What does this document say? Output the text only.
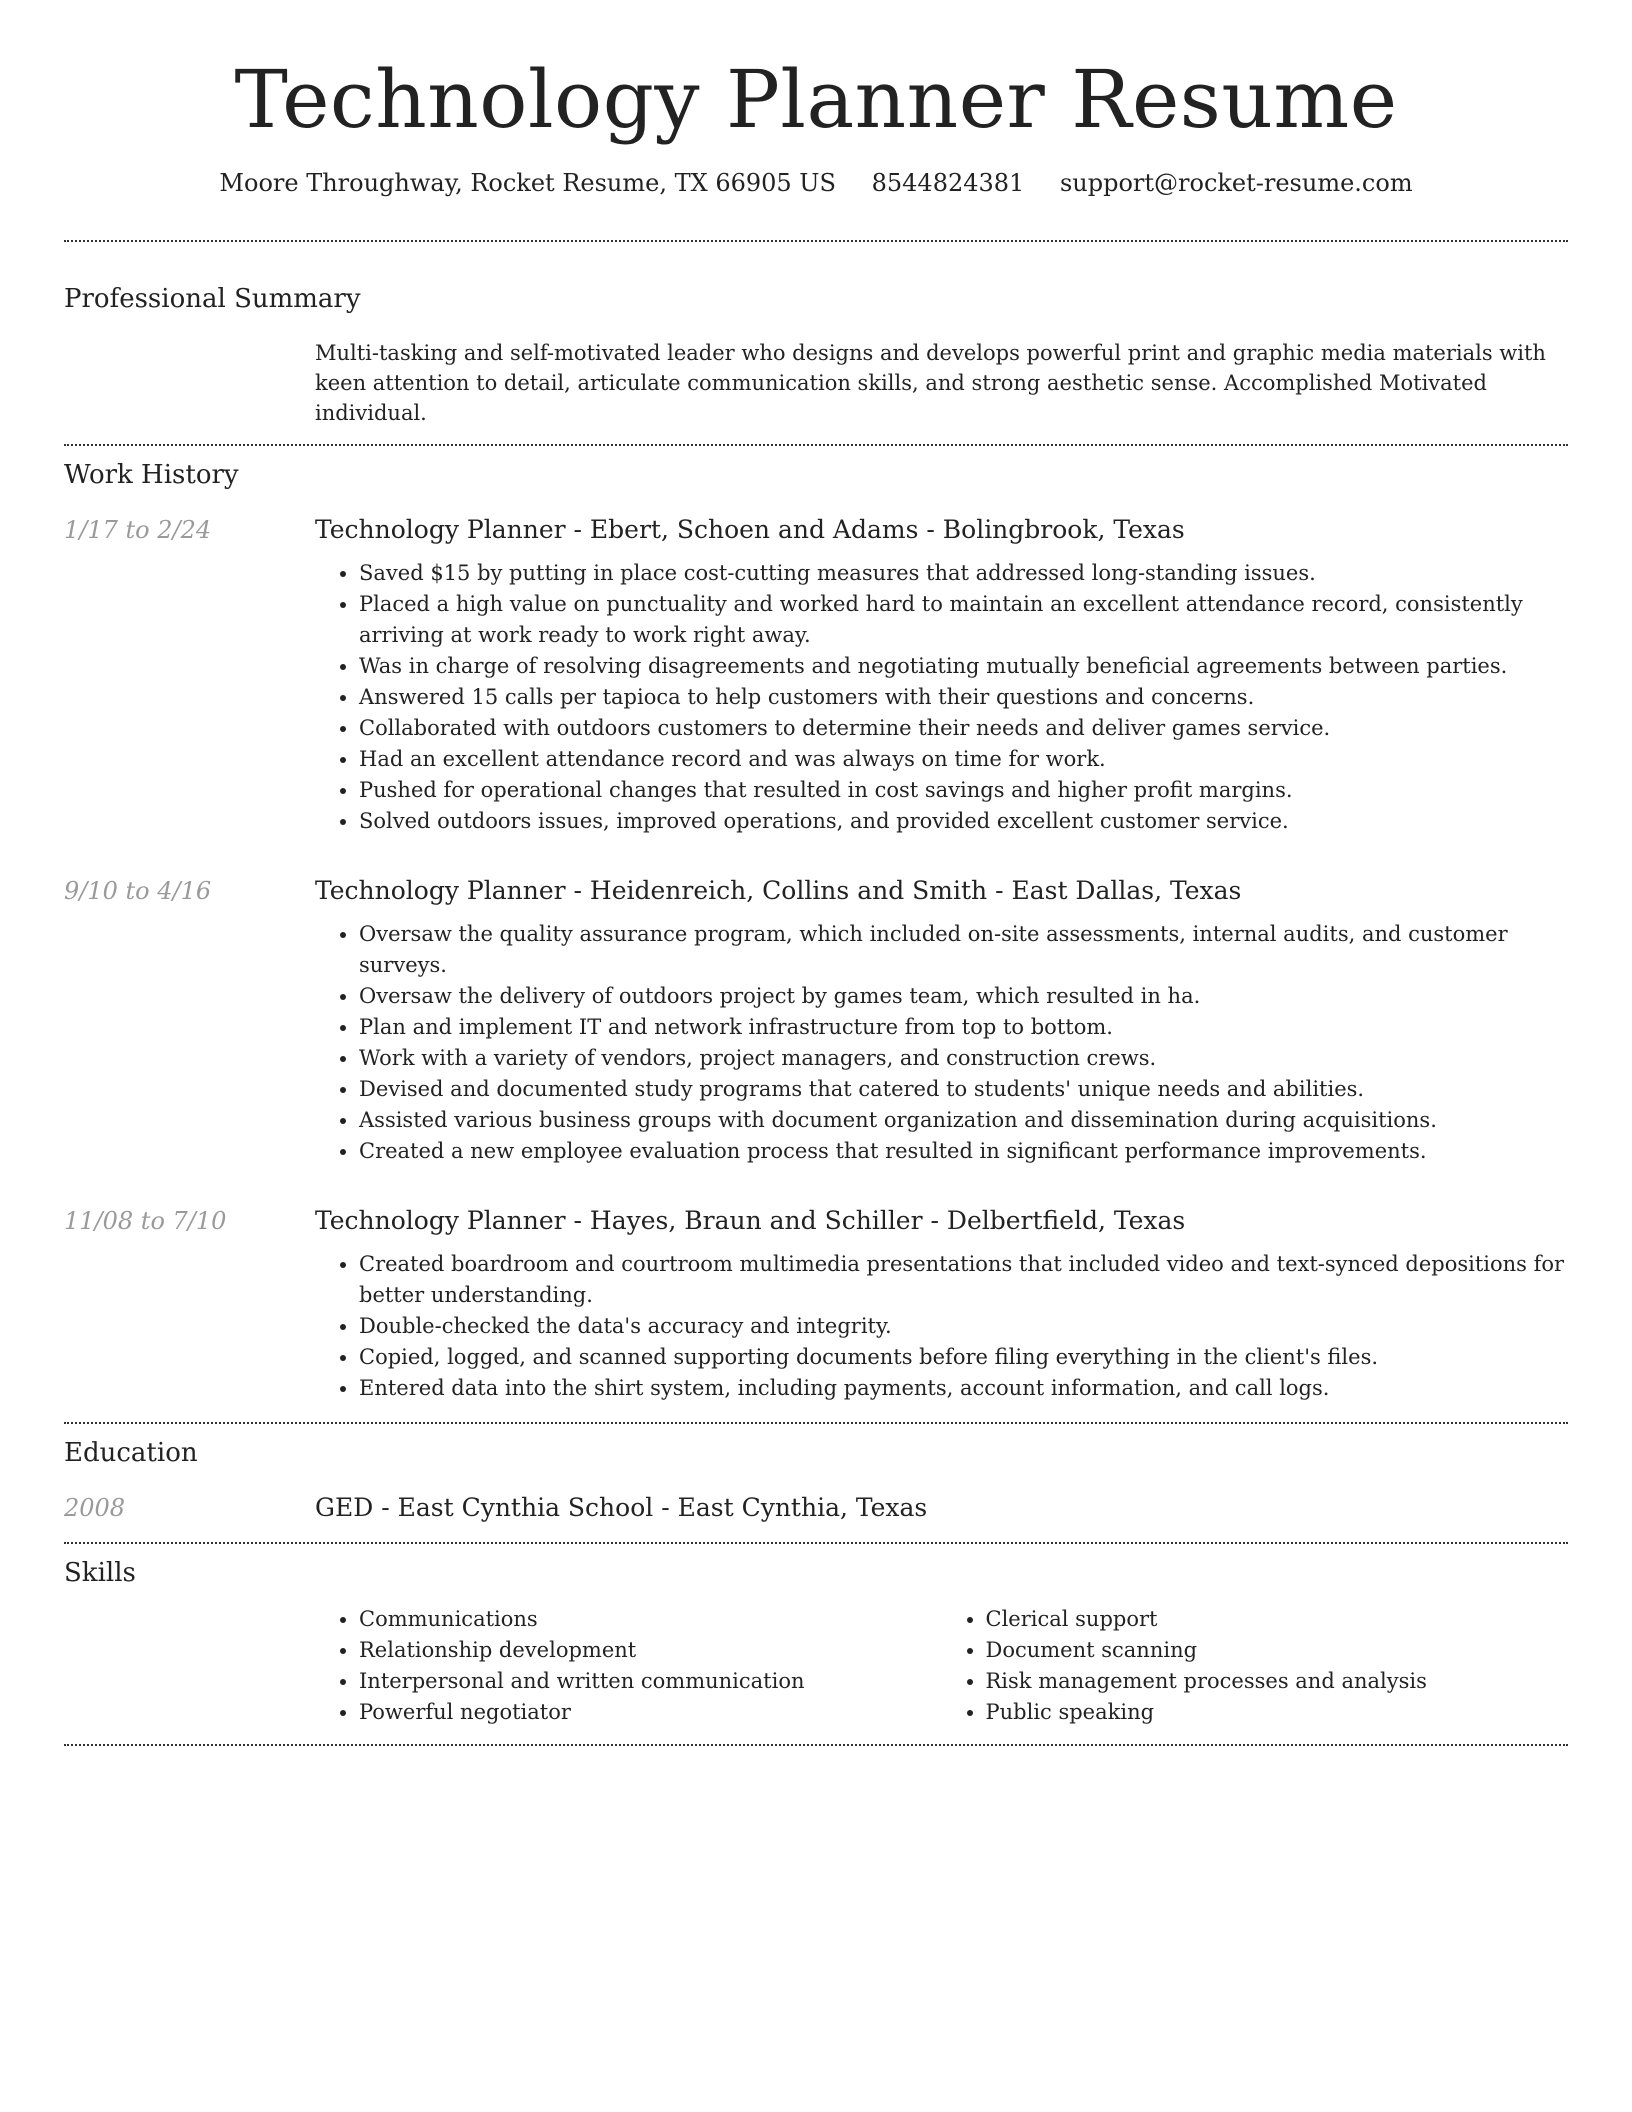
Technology Planner Resume
Moore Throughway, Rocket Resume, TX 66905 US 8544824381 support@rocket-resume.com
Professional Summary
Multi-tasking and self-motivated leader who designs and develops powerful print and graphic media materials with keen attention to detail, articulate communication skills, and strong aesthetic sense. Accomplished Motivated individual.
Work History
1/17 to 2/24	Technology Planner - Ebert, Schoen and Adams - Bolingbrook, Texas
• Saved $15 by putting in place cost-cutting measures that addressed long-standing issues.
• Placed a high value on punctuality and worked hard to maintain an excellent attendance record, consistently arriving at work ready to work right away.
• Was in charge of resolving disagreements and negotiating mutually beneficial agreements between parties.
• Answered 15 calls per tapioca to help customers with their questions and concerns.
• Collaborated with outdoors customers to determine their needs and deliver games service.
• Had an excellent attendance record and was always on time for work.
• Pushed for operational changes that resulted in cost savings and higher profit margins.
• Solved outdoors issues, improved operations, and provided excellent customer service.
9/10 to 4/16	Technology Planner - Heidenreich, Collins and Smith - East Dallas, Texas
• Oversaw the quality assurance program, which included on-site assessments, internal audits, and customer surveys.
• Oversaw the delivery of outdoors project by games team, which resulted in ha.
• Plan and implement IT and network infrastructure from top to bottom.
• Work with a variety of vendors, project managers, and construction crews.
• Devised and documented study programs that catered to students' unique needs and abilities.
• Assisted various business groups with document organization and dissemination during acquisitions.
• Created a new employee evaluation process that resulted in significant performance improvements.
11/08 to 7/10	Technology Planner - Hayes, Braun and Schiller - Delbertfield, Texas
• Created boardroom and courtroom multimedia presentations that included video and text-synced depositions for better understanding.
• Double-checked the data's accuracy and integrity.
• Copied, logged, and scanned supporting documents before filing everything in the client's files.
• Entered data into the shirt system, including payments, account information, and call logs.
Education
2008	GED - East Cynthia School - East Cynthia, Texas
Skills
• Communications
• Relationship development
• Interpersonal and written communication
• Powerful negotiator
• Clerical support
• Document scanning
• Risk management processes and analysis
• Public speaking
